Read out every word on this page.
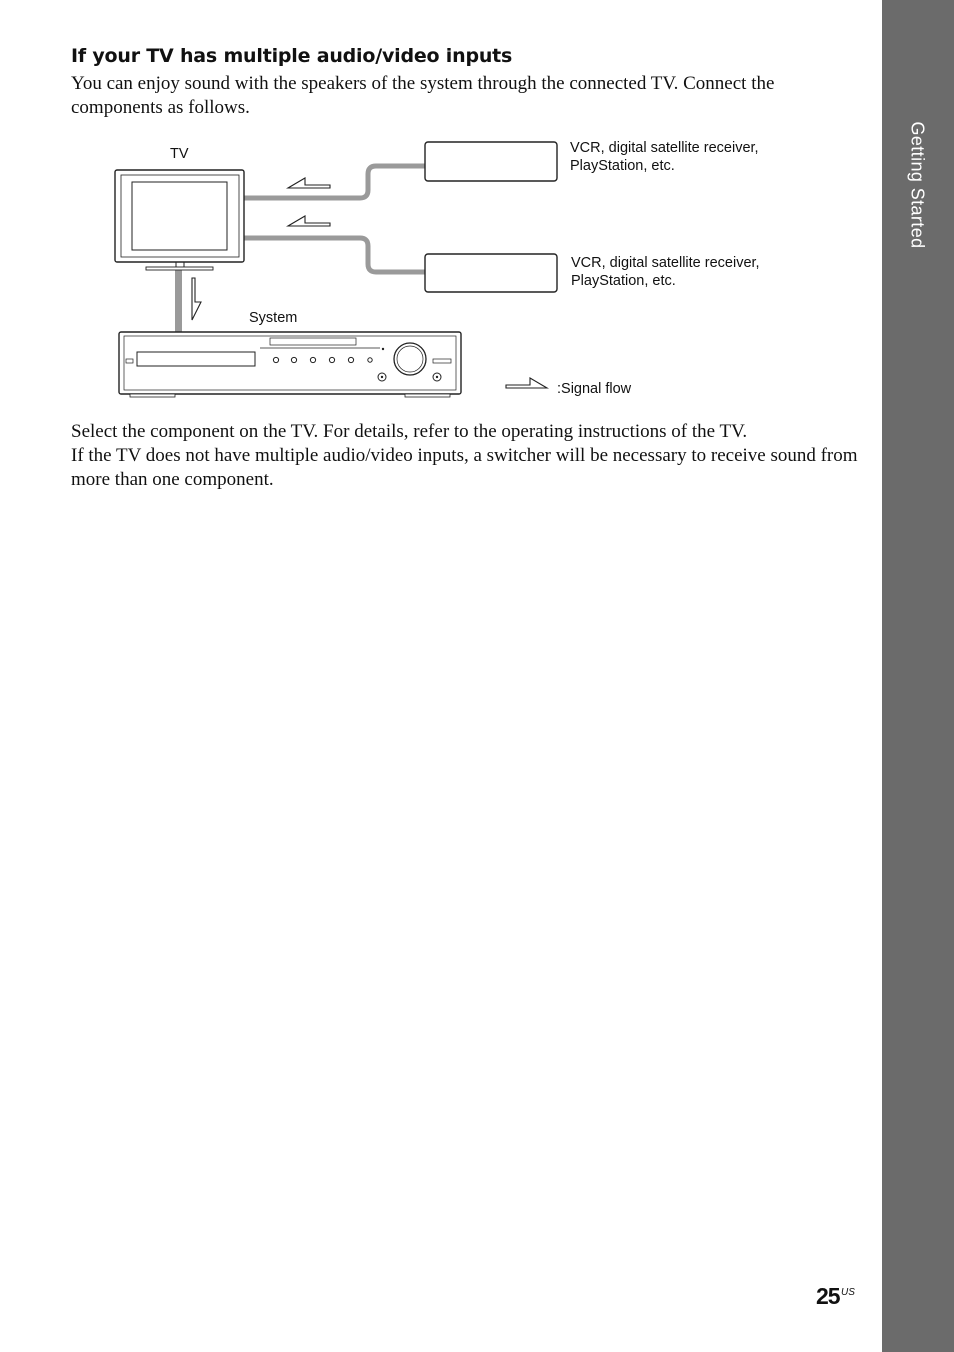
Getting Started
If your TV has multiple audio/video inputs

You can enjoy sound with the speakers of the system through the connected TV. Connect the components as follows.

TV	VCR, digital satellite receiver,
PlayStation, etc.
VCR, digital satellite receiver,
PlayStation, etc.
System
:Signal flow

Select the component on the TV. For details, refer to the operating instructions of the TV.

If the TV does not have multiple audio/video inputs, a switcher will be necessary to receive sound from more than one component.

25 US
